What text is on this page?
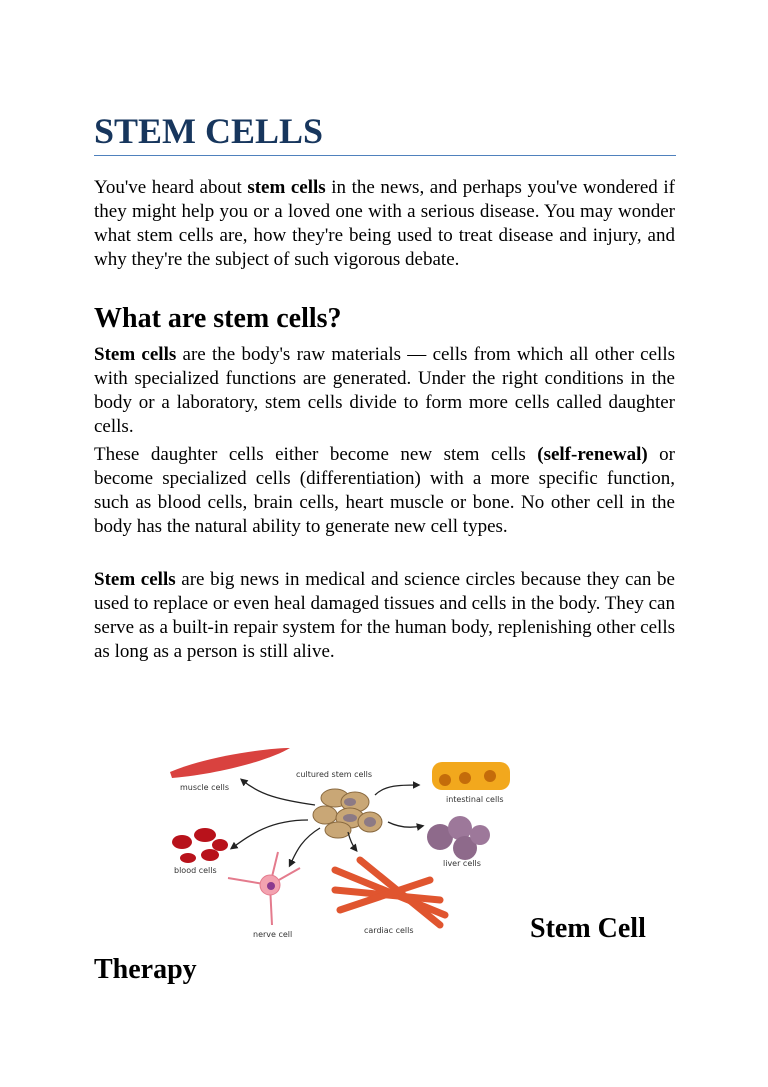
STEM CELLS

You've heard about stem cells in the news, and perhaps you've wondered if they might help you or a loved one with a serious disease. You may wonder what stem cells are, how they're being used to treat disease and injury, and why they're the subject of such vigorous debate.

What are stem cells?

Stem cells are the body's raw materials — cells from which all other cells with specialized functions are generated. Under the right conditions in the body or a laboratory, stem cells divide to form more cells called daughter cells.

These daughter cells either become new stem cells (self-renewal) or become specialized cells (differentiation) with a more specific function, such as blood cells, brain cells, heart muscle or bone. No other cell in the body has the natural ability to generate new cell types.

Stem cells are big news in medical and science circles because they can be used to replace or even heal damaged tissues and cells in the body. They can serve as a built-in repair system for the human body, replenishing other cells as long as a person is still alive.

cultured stem cells
muscle cells
intestinal cells
liver cells
blood cells
nerve cell	cardiac cells	Stem Cell
Therapy
